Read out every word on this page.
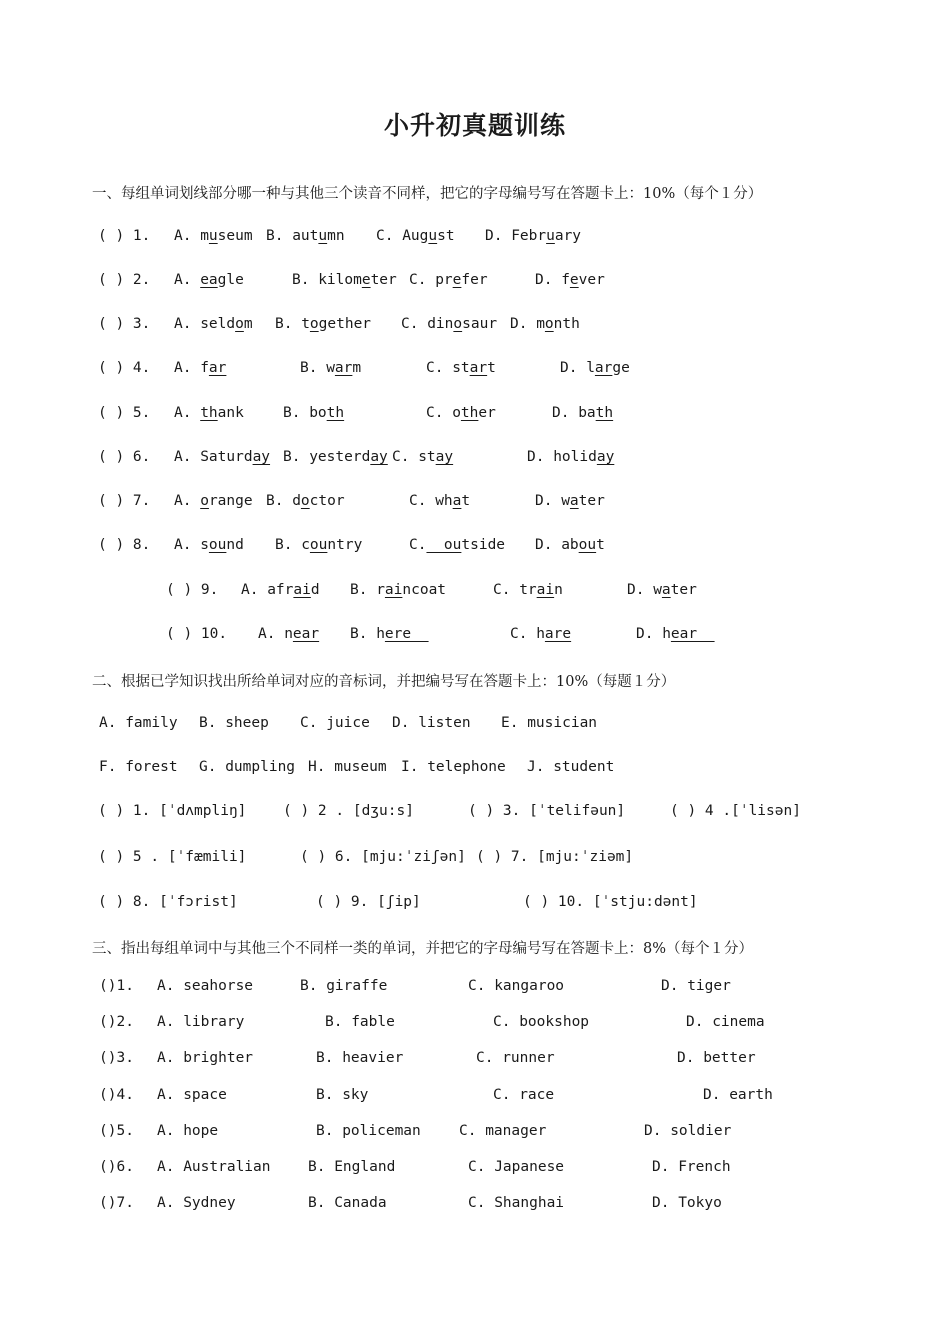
小升初真题训练
一、每组单词划线部分哪一种与其他三个读音不同样，把它的字母编号写在答题卡上：10%（每个１分）
( ) 1. A. museum B. autumn C. August D. February
( ) 2. A. eagle	B. kilometer C. prefer	D. fever
( ) 3. A. seldom B. together C. dinosaur D. month
( ) 4. A. far	B. warm	C. start	D. large
( ) 5. A. thank	B. both	C. other	D. bath
( ) 6. A. Saturday B. yesterday C. stay	D. holiday
( ) 7. A. orange B. doctor	C. what	D. water
( ) 8. A. sound B. country	C.  outside D. about
( ) 9. A. afraid B. raincoat	C. train	D. water
( ) 10. A. near B. here	C. hare	D. hear
二、根据已学知识找出所给单词对应的音标词，并把编号写在答题卡上：10%（每题１分）
A. family B. sheep C. juice D. listen E. musician
F. forest G. dumpling H. museum I. telephone J. student
( ) 1. [ˈdʌmpliŋ]	( ) 2 . [dʒu:s]	( ) 3. [ˈtelifəun]	( ) 4 .[ˈlisən]
( ) 5 . [ˈfæmili]	( ) 6. [mju:ˈziʃən] ( ) 7. [mju:ˈziəm]
( ) 8. [ˈfɔrist]	( ) 9. [ʃip]	( ) 10. [ˈstju:dənt]
三、指出每组单词中与其他三个不同样一类的单词，并把它的字母编号写在答题卡上：8%（每个１分）
()1. A. seahorse	B. giraffe	C. kangaroo	D. tiger
()2. A. library	B. fable	C. bookshop	D. cinema
()3. A. brighter	B. heavier	C. runner	D. better
()4. A. space	B. sky	C. race	D. earth
()5. A. hope	B. policeman	C. manager	D. soldier
()6. A. Australian	B. England	C. Japanese	D. French
()7. A. Sydney	B. Canada	C. Shanghai	D. Tokyo
